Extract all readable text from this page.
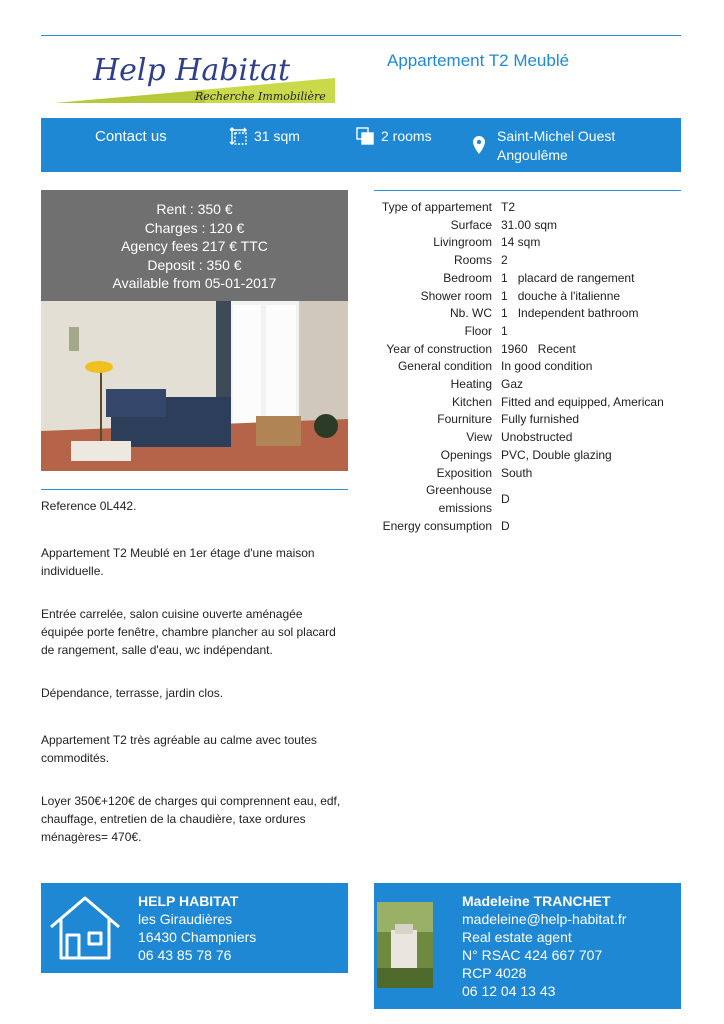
Help Habitat
Recherche Immobilière
Appartement T2 Meublé
Contact us	31 sqm	2 rooms	Saint-Michel Ouest
Angoulême
Rent : 350 €
Charges : 120 €
Agency fees 217 € TTC
Deposit : 350 €
Available from 05-01-2017
Reference 0L442.
Appartement T2 Meublé en 1er étage d'une maison individuelle.
Entrée carrelée, salon cuisine ouverte aménagée équipée porte fenêtre, chambre plancher au sol placard de rangement, salle d'eau, wc indépendant.
Dépendance, terrasse, jardin clos.
Appartement T2 très agréable au calme avec toutes commodités.
Loyer 350€+120€ de charges qui comprennent eau, edf, chauffage, entretien de la chaudière, taxe ordures ménagères= 470€.
Type of appartement	T2
Surface	31.00 sqm
Livingroom	14 sqm
Rooms	2
Bedroom	1 placard de rangement
Shower room	1 douche à l'italienne
Nb. WC	1 Independent bathroom
Floor	1
Year of construction	1960 Recent
General condition	In good condition
Heating	Gaz
Kitchen	Fitted and equipped, American
Fourniture	Fully furnished
View	Unobstructed
Openings	PVC, Double glazing
Exposition	South
Greenhouse emissions	D
Energy consumption	D
HELP HABITAT
les Giraudières
16430 Champniers
06 43 85 78 76
Madeleine TRANCHET
madeleine@help-habitat.fr
Real estate agent
N° RSAC 424 667 707
RCP 4028
06 12 04 13 43
